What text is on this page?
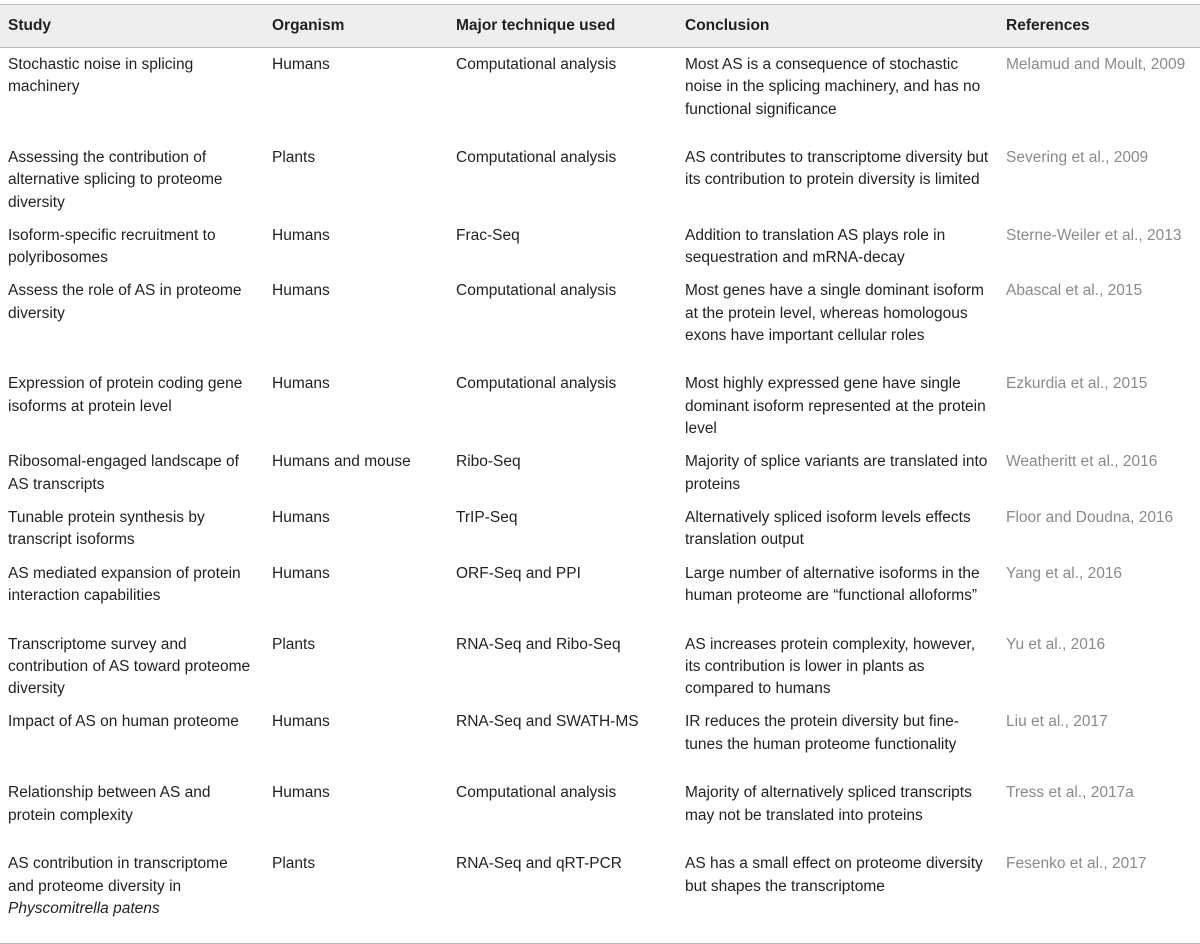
Study	Organism	Major technique used	Conclusion	References
Stochastic noise in splicing machinery	Humans	Computational analysis	Most AS is a consequence of stochastic noise in the splicing machinery, and has no functional significance	Melamud and Moult, 2009
Assessing the contribution of alternative splicing to proteome diversity	Plants	Computational analysis	AS contributes to transcriptome diversity but its contribution to protein diversity is limited	Severing et al., 2009
Isoform-specific recruitment to polyribosomes	Humans	Frac-Seq	Addition to translation AS plays role in sequestration and mRNA-decay	Sterne-Weiler et al., 2013
Assess the role of AS in proteome diversity	Humans	Computational analysis	Most genes have a single dominant isoform at the protein level, whereas homologous exons have important cellular roles	Abascal et al., 2015
Expression of protein coding gene isoforms at protein level	Humans	Computational analysis	Most highly expressed gene have single dominant isoform represented at the protein level	Ezkurdia et al., 2015
Ribosomal-engaged landscape of AS transcripts	Humans and mouse	Ribo-Seq	Majority of splice variants are translated into proteins	Weatheritt et al., 2016
Tunable protein synthesis by transcript isoforms	Humans	TrIP-Seq	Alternatively spliced isoform levels effects translation output	Floor and Doudna, 2016
AS mediated expansion of protein interaction capabilities	Humans	ORF-Seq and PPI	Large number of alternative isoforms in the human proteome are “functional alloforms”	Yang et al., 2016
Transcriptome survey and contribution of AS toward proteome diversity	Plants	RNA-Seq and Ribo-Seq	AS increases protein complexity, however, its contribution is lower in plants as compared to humans	Yu et al., 2016
Impact of AS on human proteome	Humans	RNA-Seq and SWATH-MS	IR reduces the protein diversity but fine-tunes the human proteome functionality	Liu et al., 2017
Relationship between AS and protein complexity	Humans	Computational analysis	Majority of alternatively spliced transcripts may not be translated into proteins	Tress et al., 2017a
AS contribution in transcriptome and proteome diversity in Physcomitrella patens	Plants	RNA-Seq and qRT-PCR	AS has a small effect on proteome diversity but shapes the transcriptome	Fesenko et al., 2017
